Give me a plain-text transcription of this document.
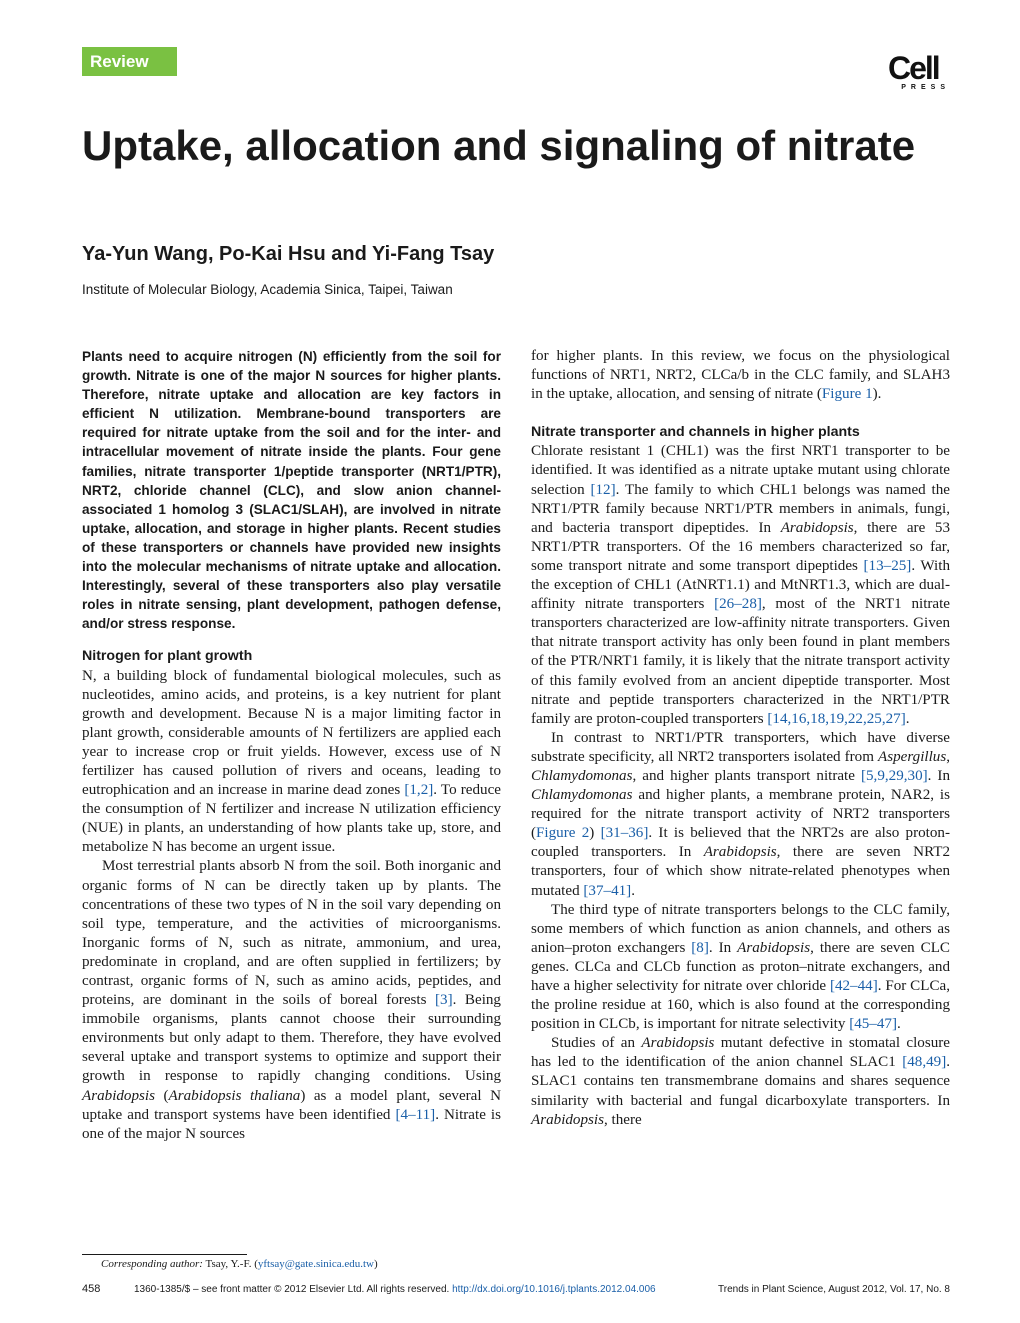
Review	Cell
PRESS
Uptake, allocation and signaling of nitrate

Ya-Yun Wang, Po-Kai Hsu and Yi-Fang Tsay

Institute of Molecular Biology, Academia Sinica, Taipei, Taiwan

Plants need to acquire nitrogen (N) efficiently from the soil for growth. Nitrate is one of the major N sources for higher plants. Therefore, nitrate uptake and allocation are key factors in efficient N utilization. Membrane-bound transporters are required for nitrate uptake from the soil and for the inter- and intracellular movement of nitrate inside the plants. Four gene families, nitrate transporter 1/peptide transporter (NRT1/PTR), NRT2, chloride channel (CLC), and slow anion channel-associated 1 homolog 3 (SLAC1/SLAH), are involved in nitrate uptake, allocation, and storage in higher plants. Recent studies of these transporters or channels have provided new insights into the molecular mechanisms of nitrate uptake and allocation. Interestingly, several of these transporters also play versatile roles in nitrate sensing, plant development, pathogen defense, and/or stress response.

Nitrogen for plant growth

N, a building block of fundamental biological molecules, such as nucleotides, amino acids, and proteins, is a key nutrient for plant growth and development. Because N is a major limiting factor in plant growth, considerable amounts of N fertilizers are applied each year to increase crop or fruit yields. However, excess use of N fertilizer has caused pollution of rivers and oceans, leading to eutrophication and an increase in marine dead zones [1,2]. To reduce the consumption of N fertilizer and increase N utilization efficiency (NUE) in plants, an understanding of how plants take up, store, and metabolize N has become an urgent issue.

Most terrestrial plants absorb N from the soil. Both inorganic and organic forms of N can be directly taken up by plants. The concentrations of these two types of N in the soil vary depending on soil type, temperature, and the activities of microorganisms. Inorganic forms of N, such as nitrate, ammonium, and urea, predominate in cropland, and are often supplied in fertilizers; by contrast, organic forms of N, such as amino acids, peptides, and proteins, are dominant in the soils of boreal forests [3]. Being immobile organisms, plants cannot choose their surrounding environments but only adapt to them. Therefore, they have evolved several uptake and transport systems to optimize and support their growth in response to rapidly changing conditions. Using Arabidopsis (Arabidopsis thaliana) as a model plant, several N uptake and transport systems have been identified [4–11]. Nitrate is one of the major N sources

for higher plants. In this review, we focus on the physiological functions of NRT1, NRT2, CLCa/b in the CLC family, and SLAH3 in the uptake, allocation, and sensing of nitrate (Figure 1).

Nitrate transporter and channels in higher plants

Chlorate resistant 1 (CHL1) was the first NRT1 transporter to be identified. It was identified as a nitrate uptake mutant using chlorate selection [12]. The family to which CHL1 belongs was named the NRT1/PTR family because NRT1/PTR members in animals, fungi, and bacteria transport dipeptides. In Arabidopsis, there are 53 NRT1/PTR transporters. Of the 16 members characterized so far, some transport nitrate and some transport dipeptides [13–25]. With the exception of CHL1 (AtNRT1.1) and MtNRT1.3, which are dual-affinity nitrate transporters [26–28], most of the NRT1 nitrate transporters characterized are low-affinity nitrate transporters. Given that nitrate transport activity has only been found in plant members of the PTR/NRT1 family, it is likely that the nitrate transport activity of this family evolved from an ancient dipeptide transporter. Most nitrate and peptide transporters characterized in the NRT1/PTR family are proton-coupled transporters [14,16,18,19,22,25,27].

In contrast to NRT1/PTR transporters, which have diverse substrate specificity, all NRT2 transporters isolated from Aspergillus, Chlamydomonas, and higher plants transport nitrate [5,9,29,30]. In Chlamydomonas and higher plants, a membrane protein, NAR2, is required for the nitrate transport activity of NRT2 transporters (Figure 2) [31–36]. It is believed that the NRT2s are also proton-coupled transporters. In Arabidopsis, there are seven NRT2 transporters, four of which show nitrate-related phenotypes when mutated [37–41].

The third type of nitrate transporters belongs to the CLC family, some members of which function as anion channels, and others as anion–proton exchangers [8]. In Arabidopsis, there are seven CLC genes. CLCa and CLCb function as proton–nitrate exchangers, and have a higher selectivity for nitrate over chloride [42–44]. For CLCa, the proline residue at 160, which is also found at the corresponding position in CLCb, is important for nitrate selectivity [45–47].

Studies of an Arabidopsis mutant defective in stomatal closure has led to the identification of the anion channel SLAC1 [48,49]. SLAC1 contains ten transmembrane domains and shares sequence similarity with bacterial and fungal dicarboxylate transporters. In Arabidopsis, there

Corresponding author: Tsay, Y.-F. (yftsay@gate.sinica.edu.tw)

458	1360-1385/$ – see front matter © 2012 Elsevier Ltd. All rights reserved. http://dx.doi.org/10.1016/j.tplants.2012.04.006	Trends in Plant Science, August 2012, Vol. 17, No. 8
